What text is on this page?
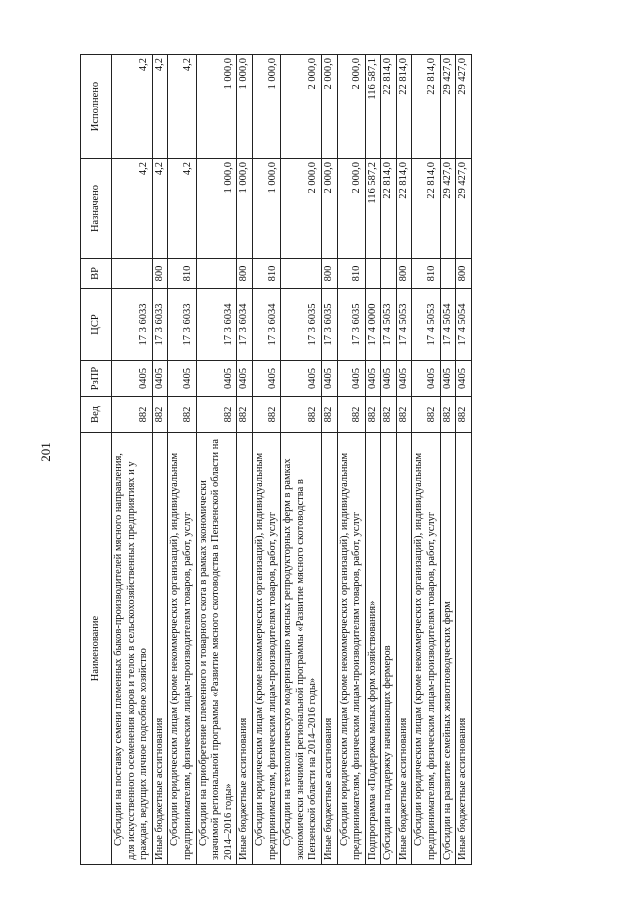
201
Наименование	Вед	РзПР	ЦСР	ВР	Назначено	Исполнено
Субсидии на поставку семени племенных быков-производителей мясного направления, для искусственного осеменения коров и телок в сельскохозяйственных предприятиях и у граждан, ведущих личное подсобное хозяйство	882	0405	17 3 6033		4,2	4,2
Иные бюджетные ассигнования	882	0405	17 3 6033	800	4,2	4,2
Субсидии юридическим лицам (кроме некоммерческих организаций), индивидуальным предпринимателям, физическим лицам-производителям товаров, работ, услуг	882	0405	17 3 6033	810	4,2	4,2
Субсидии на приобретение племенного и товарного скота в рамках экономически значимой региональной программы «Развитие мясного скотоводства в Пензенской области на 2014–2016 годы»	882	0405	17 3 6034		1 000,0	1 000,0
Иные бюджетные ассигнования	882	0405	17 3 6034	800	1 000,0	1 000,0
Субсидии юридическим лицам (кроме некоммерческих организаций), индивидуальным предпринимателям, физическим лицам-производителям товаров, работ, услуг	882	0405	17 3 6034	810	1 000,0	1 000,0
Субсидии на технологическую модернизацию мясных репродукторных ферм в рамках экономически значимой региональной программы «Развитие мясного скотоводства в Пензенской области на 2014–2016 годы»	882	0405	17 3 6035		2 000,0	2 000,0
Иные бюджетные ассигнования	882	0405	17 3 6035	800	2 000,0	2 000,0
Субсидии юридическим лицам (кроме некоммерческих организаций), индивидуальным предпринимателям, физическим лицам-производителям товаров, работ, услуг	882	0405	17 3 6035	810	2 000,0	2 000,0
Подпрограмма «Поддержка малых форм хозяйствования»	882	0405	17 4 0000		116 587,2	116 587,1
Субсидии на поддержку начинающих фермеров	882	0405	17 4 5053		22 814,0	22 814,0
Иные бюджетные ассигнования	882	0405	17 4 5053	800	22 814,0	22 814,0
Субсидии юридическим лицам (кроме некоммерческих организаций), индивидуальным предпринимателям, физическим лицам-производителям товаров, работ, услуг	882	0405	17 4 5053	810	22 814,0	22 814,0
Субсидии на развитие семейных животноводческих ферм	882	0405	17 4 5054		29 427,0	29 427,0
Иные бюджетные ассигнования	882	0405	17 4 5054	800	29 427,0	29 427,0
